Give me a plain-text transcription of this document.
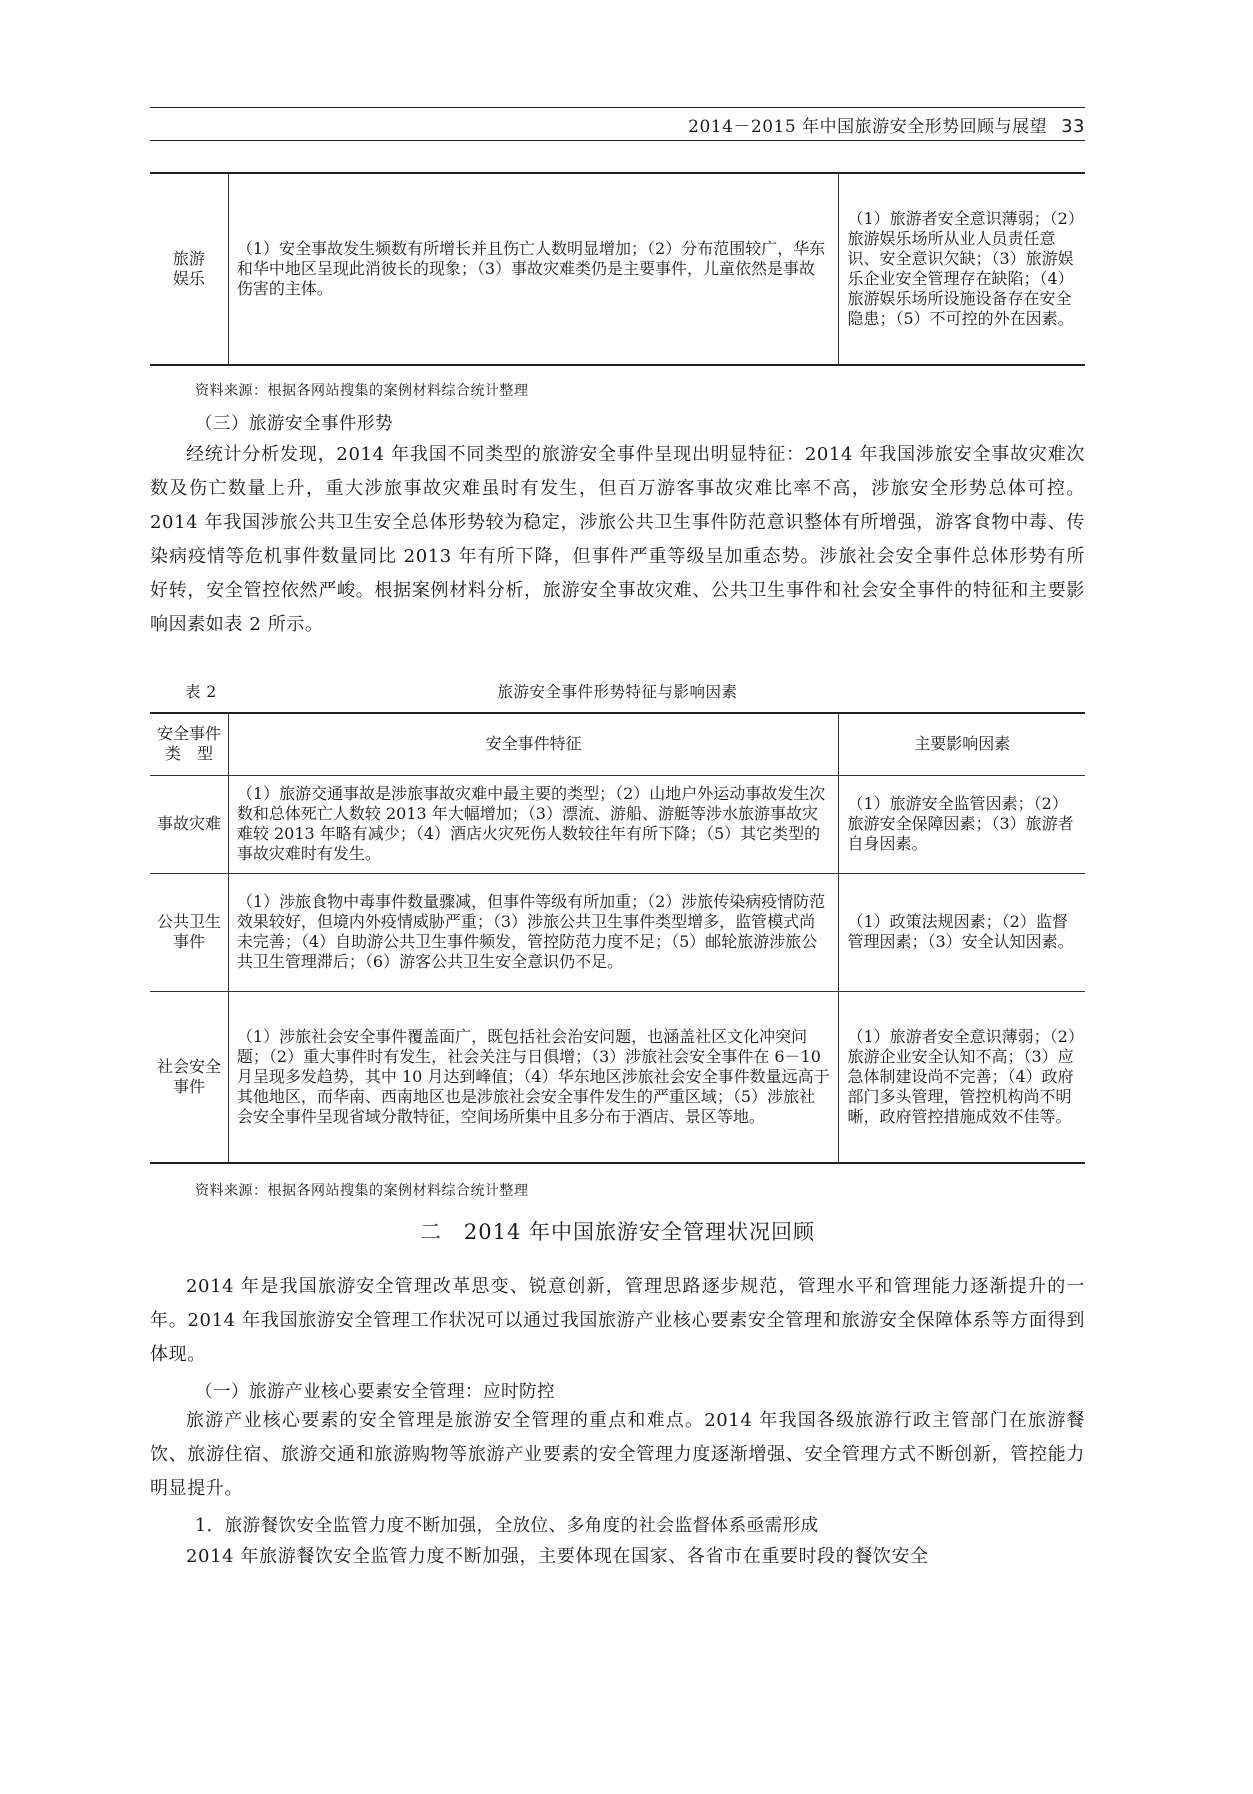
2014－2015 年中国旅游安全形势回顾与展望 33
旅游
娱乐
	（1）安全事故发生频数有所增长并且伤亡人数明显增加；（2）分布范围较广，华东和华中地区呈现此消彼长的现象；（3）事故灾难类仍是主要事件，儿童依然是事故伤害的主体。	（1）旅游者安全意识薄弱；（2）旅游娱乐场所从业人员责任意识、安全意识欠缺；（3）旅游娱乐企业安全管理存在缺陷；（4）旅游娱乐场所设施设备存在安全隐患；（5）不可控的外在因素。
资料来源：根据各网站搜集的案例材料综合统计整理
（三）旅游安全事件形势
经统计分析发现，2014 年我国不同类型的旅游安全事件呈现出明显特征：2014 年我国涉旅安全事故灾难次数及伤亡数量上升，重大涉旅事故灾难虽时有发生，但百万游客事故灾难比率不高，涉旅安全形势总体可控。2014 年我国涉旅公共卫生安全总体形势较为稳定，涉旅公共卫生事件防范意识整体有所增强，游客食物中毒、传染病疫情等危机事件数量同比 2013 年有所下降，但事件严重等级呈加重态势。涉旅社会安全事件总体形势有所好转，安全管控依然严峻。根据案例材料分析，旅游安全事故灾难、公共卫生事件和社会安全事件的特征和主要影响因素如表 2 所示。
表 2	旅游安全事件形势特征与影响因素
安全事件
类　型	安全事件特征	主要影响因素

事故灾难	（1）旅游交通事故是涉旅事故灾难中最主要的类型；（2）山地户外运动事故发生次数和总体死亡人数较 2013 年大幅增加；（3）漂流、游船、游艇等涉水旅游事故灾难较 2013 年略有减少；（4）酒店火灾死伤人数较往年有所下降；（5）其它类型的事故灾难时有发生。	（1）旅游安全监管因素；（2）旅游安全保障因素；（3）旅游者自身因素。

公共卫生
事件	（1）涉旅食物中毒事件数量骤减，但事件等级有所加重；（2）涉旅传染病疫情防范效果较好，但境内外疫情威胁严重；（3）涉旅公共卫生事件类型增多，监管模式尚未完善；（4）自助游公共卫生事件频发，管控防范力度不足；（5）邮轮旅游涉旅公共卫生管理滞后；（6）游客公共卫生安全意识仍不足。	（1）政策法规因素；（2）监督管理因素；（3）安全认知因素。

社会安全
事件	（1）涉旅社会安全事件覆盖面广，既包括社会治安问题，也涵盖社区文化冲突问题；（2）重大事件时有发生，社会关注与日俱增；（3）涉旅社会安全事件在 6－10 月呈现多发趋势，其中 10 月达到峰值；（4）华东地区涉旅社会安全事件数量远高于其他地区，而华南、西南地区也是涉旅社会安全事件发生的严重区域；（5）涉旅社会安全事件呈现省域分散特征，空间场所集中且多分布于酒店、景区等地。	（1）旅游者安全意识薄弱；（2）旅游企业安全认知不高；（3）应急体制建设尚不完善；（4）政府部门多头管理，管控机构尚不明晰，政府管控措施成效不佳等。
资料来源：根据各网站搜集的案例材料综合统计整理
二　2014 年中国旅游安全管理状况回顾
2014 年是我国旅游安全管理改革思变、锐意创新，管理思路逐步规范，管理水平和管理能力逐渐提升的一年。2014 年我国旅游安全管理工作状况可以通过我国旅游产业核心要素安全管理和旅游安全保障体系等方面得到体现。
（一）旅游产业核心要素安全管理：应时防控
旅游产业核心要素的安全管理是旅游安全管理的重点和难点。2014 年我国各级旅游行政主管部门在旅游餐饮、旅游住宿、旅游交通和旅游购物等旅游产业要素的安全管理力度逐渐增强、安全管理方式不断创新，管控能力明显提升。
1．旅游餐饮安全监管力度不断加强，全放位、多角度的社会监督体系亟需形成
2014 年旅游餐饮安全监管力度不断加强，主要体现在国家、各省市在重要时段的餐饮安全
